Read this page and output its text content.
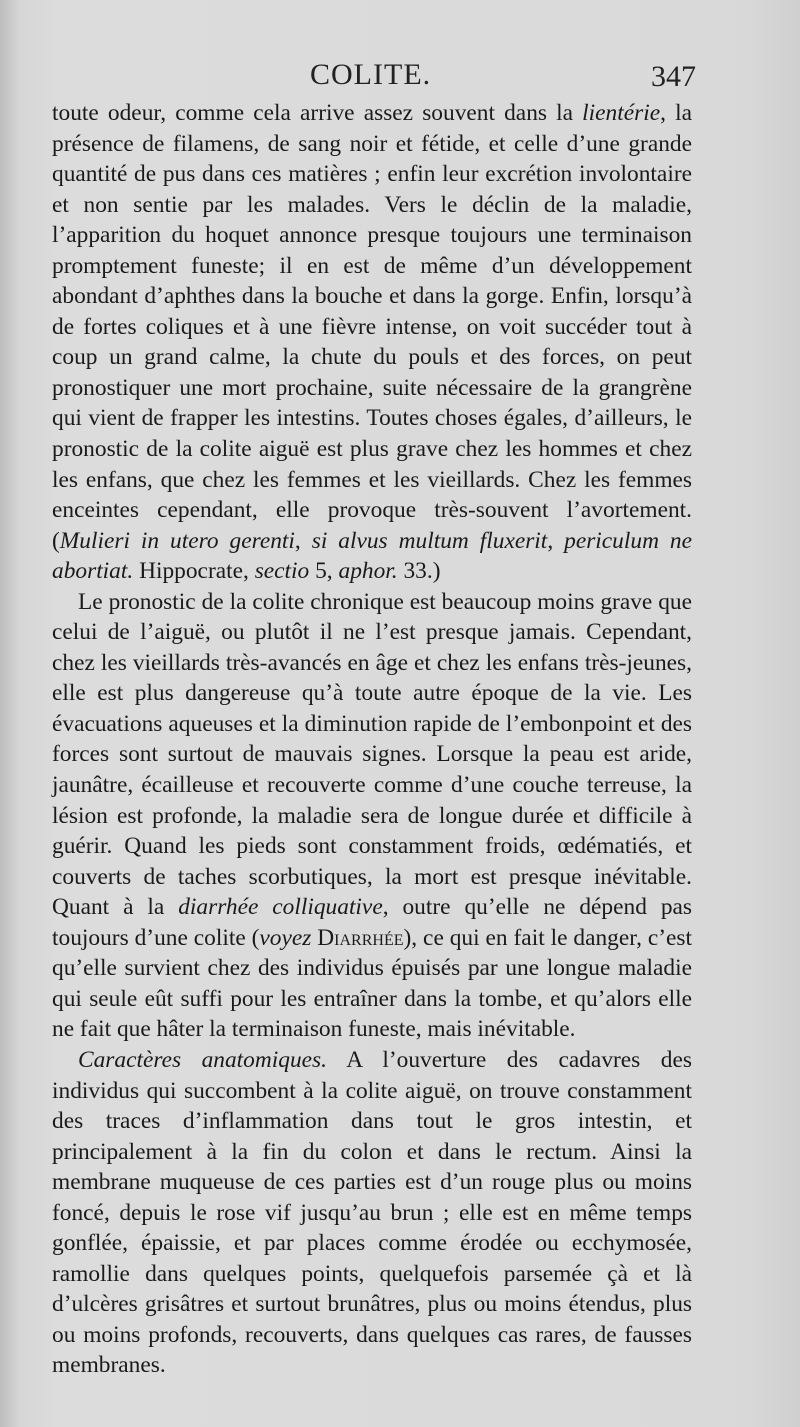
COLITE.	347

toute odeur, comme cela arrive assez souvent dans la lientérie, la présence de filamens, de sang noir et fétide, et celle d’une grande quantité de pus dans ces matières ; enfin leur excrétion involontaire et non sentie par les malades. Vers le déclin de la maladie, l’apparition du hoquet annonce presque toujours une terminaison promptement funeste; il en est de même d’un développement abondant d’aphthes dans la bouche et dans la gorge. Enfin, lorsqu’à de fortes coliques et à une fièvre intense, on voit succéder tout à coup un grand calme, la chute du pouls et des forces, on peut pronostiquer une mort prochaine, suite nécessaire de la grangrène qui vient de frapper les intestins. Toutes choses égales, d’ailleurs, le pronostic de la colite aiguë est plus grave chez les hommes et chez les enfans, que chez les femmes et les vieillards. Chez les femmes enceintes cependant, elle provoque très-souvent l’avortement. (Mulieri in utero gerenti, si alvus multum fluxerit, periculum ne abortiat. Hippocrate, sectio 5, aphor. 33.)

Le pronostic de la colite chronique est beaucoup moins grave que celui de l’aiguë, ou plutôt il ne l’est presque jamais. Cependant, chez les vieillards très-avancés en âge et chez les enfans très-jeunes, elle est plus dangereuse qu’à toute autre époque de la vie. Les évacuations aqueuses et la diminution rapide de l’embonpoint et des forces sont surtout de mauvais signes. Lorsque la peau est aride, jaunâtre, écailleuse et recouverte comme d’une couche terreuse, la lésion est profonde, la maladie sera de longue durée et difficile à guérir. Quand les pieds sont constamment froids, œdématiés, et couverts de taches scorbutiques, la mort est presque inévitable. Quant à la diarrhée colliquative, outre qu’elle ne dépend pas toujours d’une colite (voyez Diarrhée), ce qui en fait le danger, c’est qu’elle survient chez des individus épuisés par une longue maladie qui seule eût suffi pour les entraîner dans la tombe, et qu’alors elle ne fait que hâter la terminaison funeste, mais inévitable.

Caractères anatomiques. A l’ouverture des cadavres des individus qui succombent à la colite aiguë, on trouve constamment des traces d’inflammation dans tout le gros intestin, et principalement à la fin du colon et dans le rectum. Ainsi la membrane muqueuse de ces parties est d’un rouge plus ou moins foncé, depuis le rose vif jusqu’au brun ; elle est en même temps gonflée, épaissie, et par places comme érodée ou ecchymosée, ramollie dans quelques points, quelquefois parsemée çà et là d’ulcères grisâtres et surtout brunâtres, plus ou moins étendus, plus ou moins profonds, recouverts, dans quelques cas rares, de fausses membranes.
